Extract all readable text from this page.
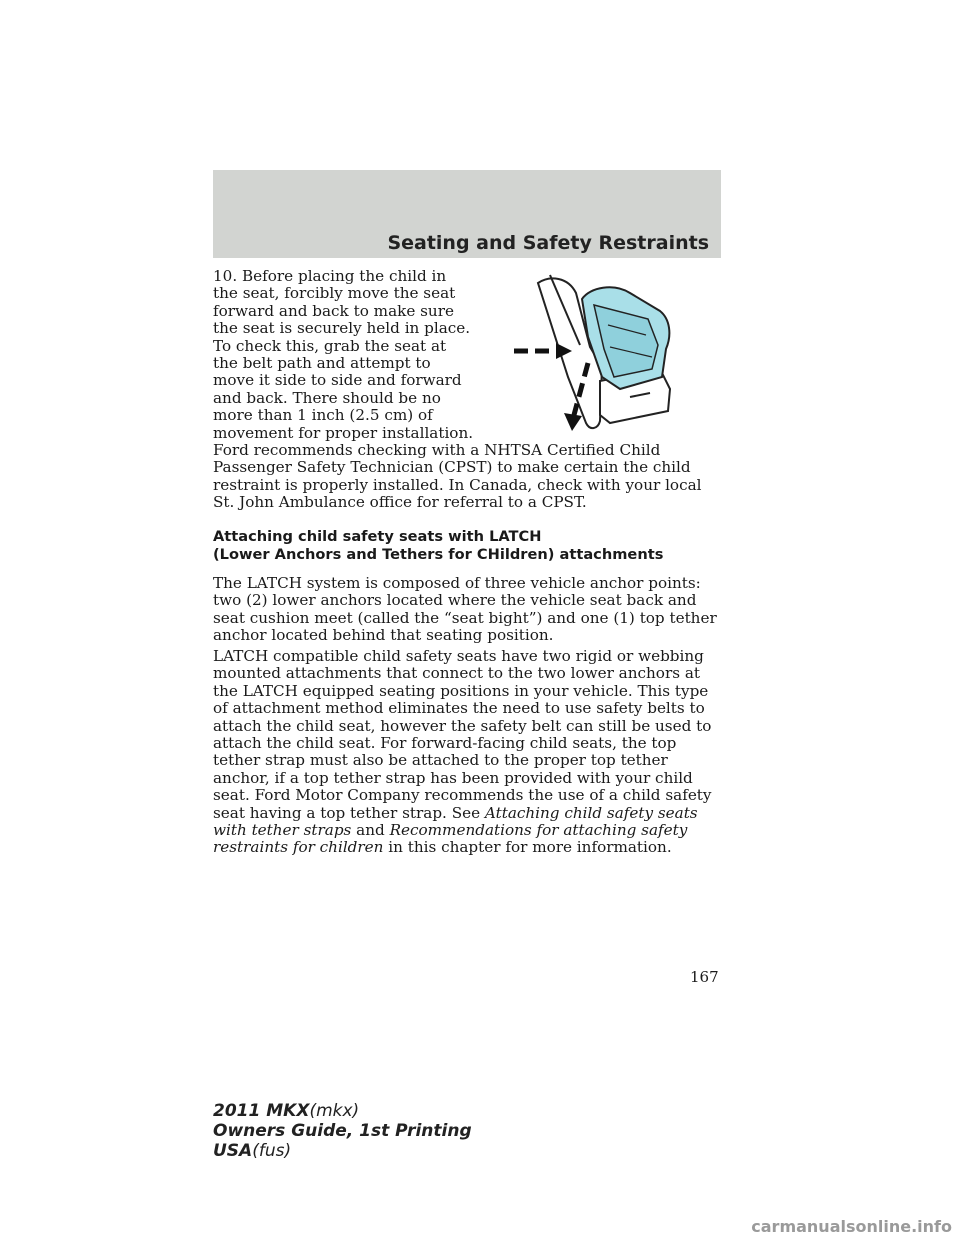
Seating and Safety Restraints

10. Before placing the child in the seat, forcibly move the seat forward and back to make sure the seat is securely held in place. To check this, grab the seat at the belt path and attempt to move it side to side and forward and back. There should be no more than 1 inch (2.5 cm) of movement for proper installation.

Ford recommends checking with a NHTSA Certified Child Passenger Safety Technician (CPST) to make certain the child restraint is properly installed. In Canada, check with your local St. John Ambulance office for referral to a CPST.

Attaching child safety seats with LATCH
(Lower Anchors and Tethers for CHildren) attachments

The LATCH system is composed of three vehicle anchor points: two (2) lower anchors located where the vehicle seat back and seat cushion meet (called the “seat bight”) and one (1) top tether anchor located behind that seating position.

LATCH compatible child safety seats have two rigid or webbing mounted attachments that connect to the two lower anchors at the LATCH equipped seating positions in your vehicle. This type of attachment method eliminates the need to use safety belts to attach the child seat, however the safety belt can still be used to attach the child seat. For forward-facing child seats, the top tether strap must also be attached to the proper top tether anchor, if a top tether strap has been provided with your child seat. Ford Motor Company recommends the use of a child safety seat having a top tether strap. See Attaching child safety seats with tether straps and Recommendations for attaching safety restraints for children in this chapter for more information.

167

2011 MKX(mkx)
Owners Guide, 1st Printing
USA(fus)

carmanualsonline.info
